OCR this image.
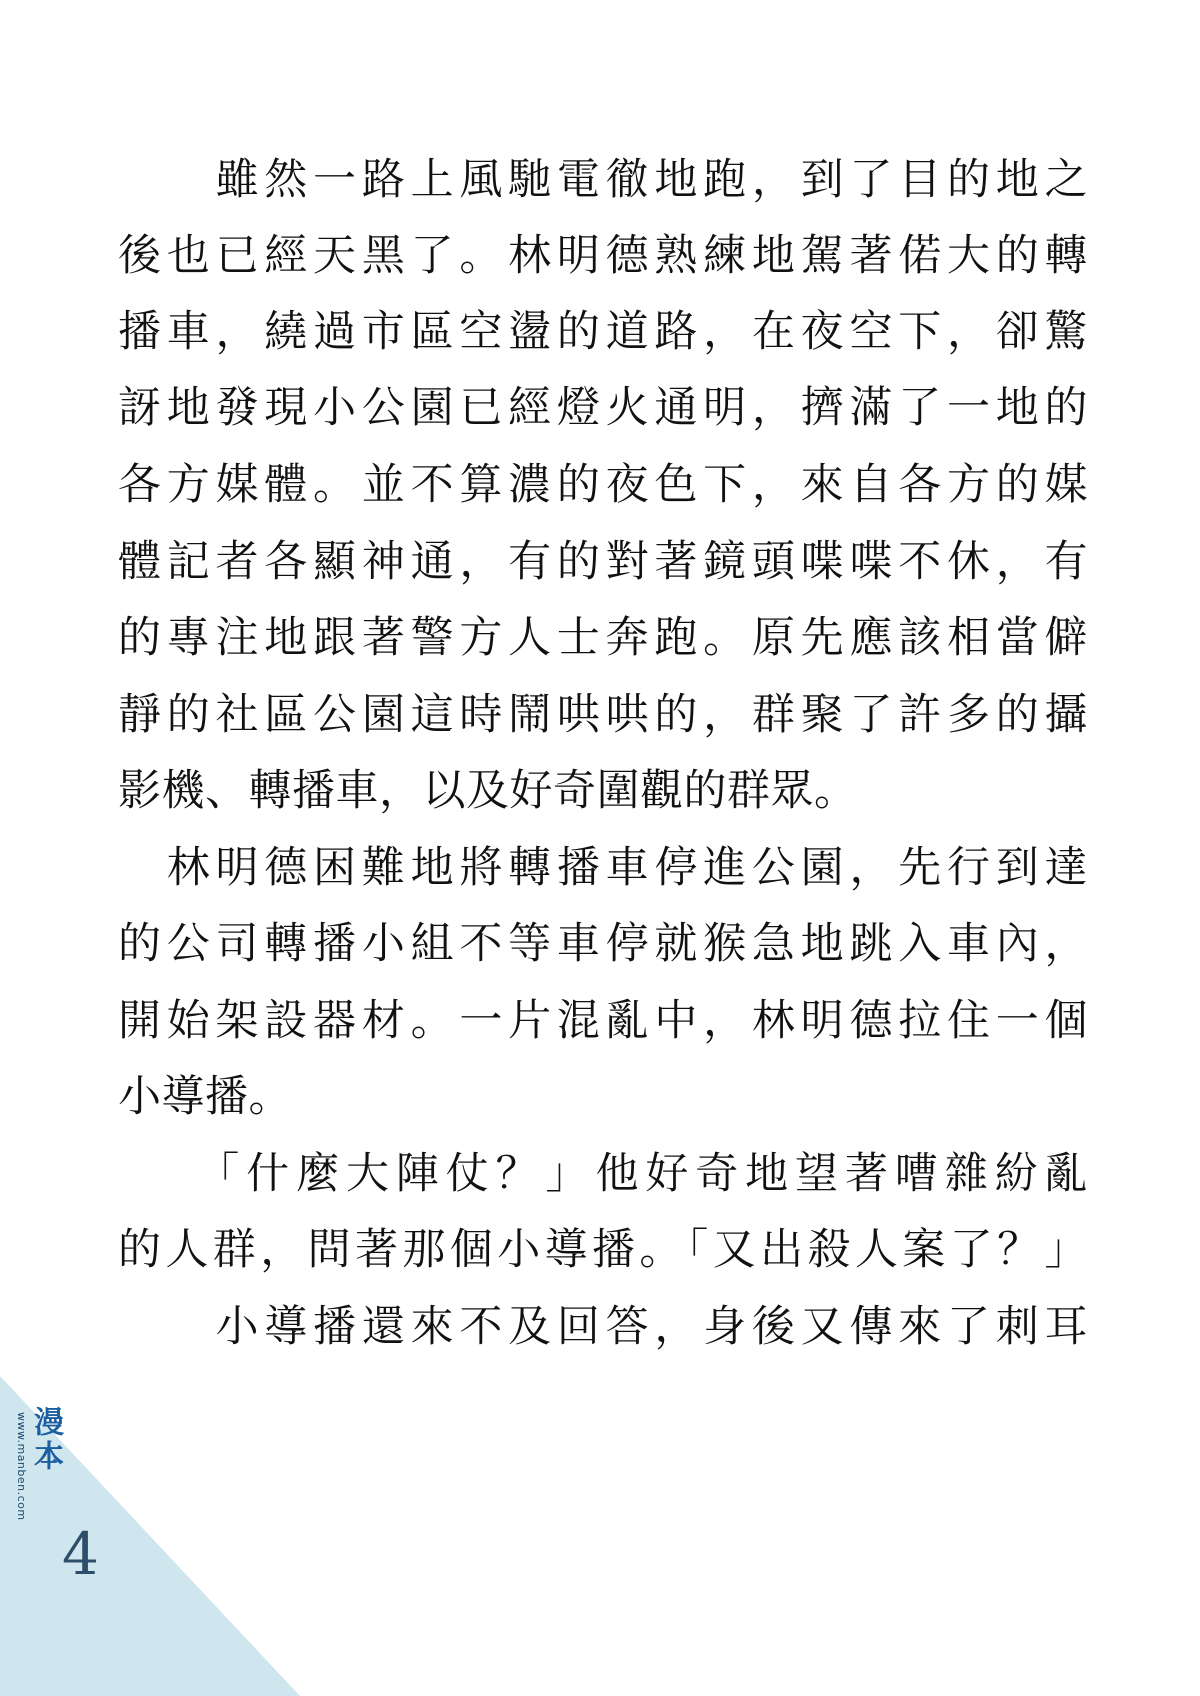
　　雖然一路上風馳電徹地跑，到了目的地之
後也已經天黑了。林明德熟練地駕著偌大的轉
播車，繞過市區空盪的道路，在夜空下，卻驚
訝地發現小公園已經燈火通明，擠滿了一地的
各方媒體。並不算濃的夜色下，來自各方的媒
體記者各顯神通，有的對著鏡頭喋喋不休，有
的專注地跟著警方人士奔跑。原先應該相當僻
靜的社區公園這時鬧哄哄的，群聚了許多的攝
影機、轉播車，以及好奇圍觀的群眾。
　林明德困難地將轉播車停進公園，先行到達
的公司轉播小組不等車停就猴急地跳入車內，
開始架設器材。一片混亂中，林明德拉住一個
小導播。
　　「什麼大陣仗？」他好奇地望著嘈雜紛亂
的人群，問著那個小導播。「又出殺人案了？」
　　小導播還來不及回答，身後又傳來了刺耳
www.manben.com 漫本
4
